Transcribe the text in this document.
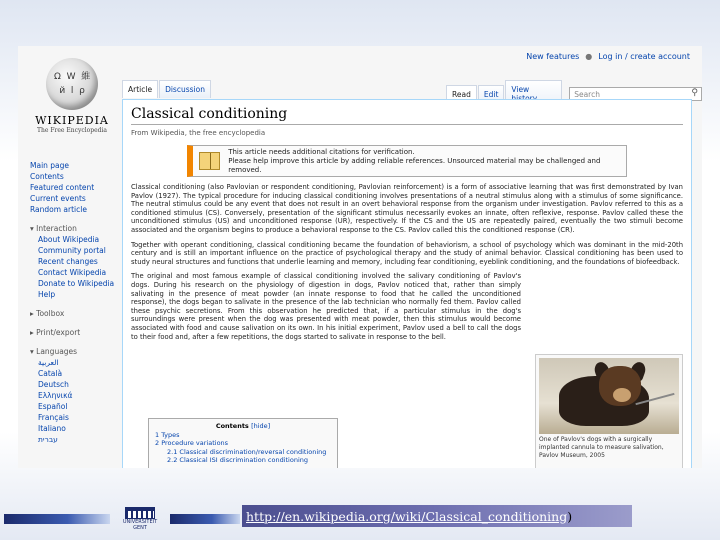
New features ● Log in / create account
Ω W 維 й ا ρ
WIKIPEDIA
The Free Encyclopedia
Main page
Contents
Featured content
Current events
Random article
▾ Interaction
About Wikipedia
Community portal
Recent changes
Contact Wikipedia
Donate to Wikipedia
Help
▸ Toolbox
▸ Print/export
▾ Languages
العربية
Català
Deutsch
Ελληνικά
Español
Français
Italiano
עברית
Article	Discussion	Read	Edit	View	Search	⚲
Classical conditioning
From Wikipedia, the free encyclopedia
This article needs additional citations for verification.
Please help improve this article by adding reliable references. Unsourced material may be challenged and removed.
Classical conditioning (also Pavlovian or respondent conditioning, Pavlovian reinforcement) is a form of associative learning that was first demonstrated by Ivan Pavlov (1927). The typical procedure for inducing classical conditioning involves presentations of a neutral stimulus along with a stimulus of some significance. The neutral stimulus could be any event that does not result in an overt behavioral response from the organism under investigation. Pavlov referred to this as a conditioned stimulus (CS). Conversely, presentation of the significant stimulus necessarily evokes an innate, often reflexive, response. Pavlov called these the unconditioned stimulus (US) and unconditioned response (UR), respectively. If the CS and the US are repeatedly paired, eventually the two stimuli become associated and the organism begins to produce a behavioral response to the CS. Pavlov called this the conditioned response (CR).
Together with operant conditioning, classical conditioning became the foundation of behaviorism, a school of psychology which was dominant in the mid-20th century and is still an important influence on the practice of psychological therapy and the study of animal behavior. Classical conditioning has been used to study neural structures and functions that underlie learning and memory, including fear conditioning, eyeblink conditioning, and the foundations of biofeedback.
The original and most famous example of classical conditioning involved the salivary conditioning of Pavlov's dogs. During his research on the physiology of digestion in dogs, Pavlov noticed that, rather than simply salivating in the presence of meat powder (an innate response to food that he called the unconditioned response), the dogs began to salivate in the presence of the lab technician who normally fed them. Pavlov called these psychic secretions. From this observation he predicted that, if a particular stimulus in the dog's surroundings were present when the dog was presented with meat powder, then this stimulus would become associated with food and cause salivation on its own. In his initial experiment, Pavlov used a bell to call the dogs to their food and, after a few repetitions, the dogs started to salivate in response to the bell.
One of Pavlov's dogs with a surgically implanted cannula to measure salivation, Pavlov Museum, 2005
Contents [hide]
1 Types
2 Procedure variations
2.1 Classical discrimination/reversal conditioning
2.2 Classical ISI discrimination conditioning
UNIVERSITEIT GENT
http://en.wikipedia.org/wiki/Classical_conditioning )
